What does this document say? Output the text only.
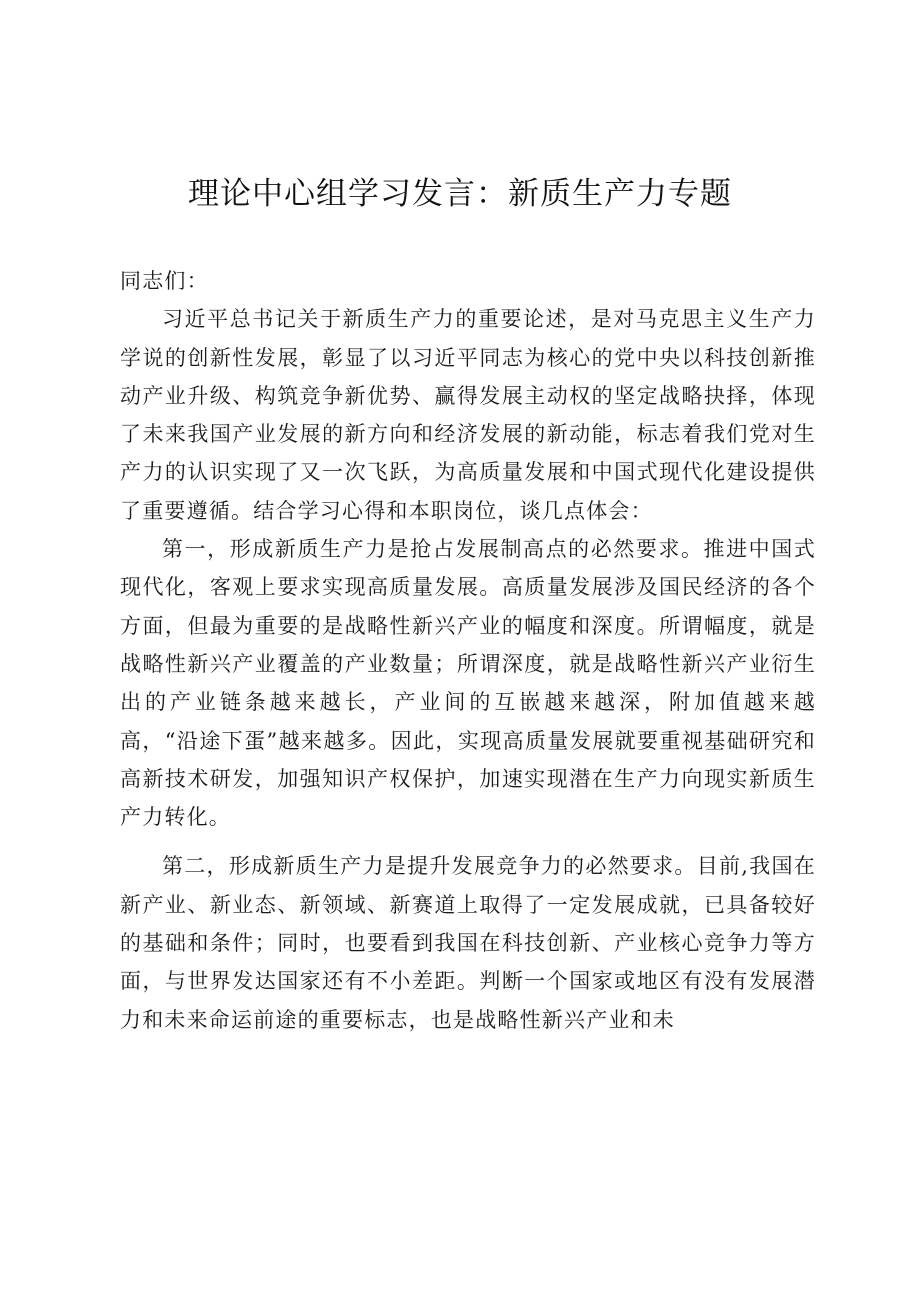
理论中心组学习发言：新质生产力专题

同志们：

习近平总书记关于新质生产力的重要论述，是对马克思主义生产力学说的创新性发展，彰显了以习近平同志为核心的党中央以科技创新推动产业升级、构筑竞争新优势、赢得发展主动权的坚定战略抉择，体现了未来我国产业发展的新方向和经济发展的新动能，标志着我们党对生产力的认识实现了又一次飞跃，为高质量发展和中国式现代化建设提供了重要遵循。结合学习心得和本职岗位，谈几点体会：

第一，形成新质生产力是抢占发展制高点的必然要求。推进中国式现代化，客观上要求实现高质量发展。高质量发展涉及国民经济的各个方面，但最为重要的是战略性新兴产业的幅度和深度。所谓幅度，就是战略性新兴产业覆盖的产业数量；所谓深度，就是战略性新兴产业衍生出的产业链条越来越长，产业间的互嵌越来越深，附加值越来越高，“沿途下蛋”越来越多。因此，实现高质量发展就要重视基础研究和高新技术研发，加强知识产权保护，加速实现潜在生产力向现实新质生产力转化。

第二，形成新质生产力是提升发展竞争力的必然要求。目前,我国在新产业、新业态、新领域、新赛道上取得了一定发展成就，已具备较好的基础和条件；同时，也要看到我国在科技创新、产业核心竞争力等方面，与世界发达国家还有不小差距。判断一个国家或地区有没有发展潜力和未来命运前途的重要标志，也是战略性新兴产业和未
